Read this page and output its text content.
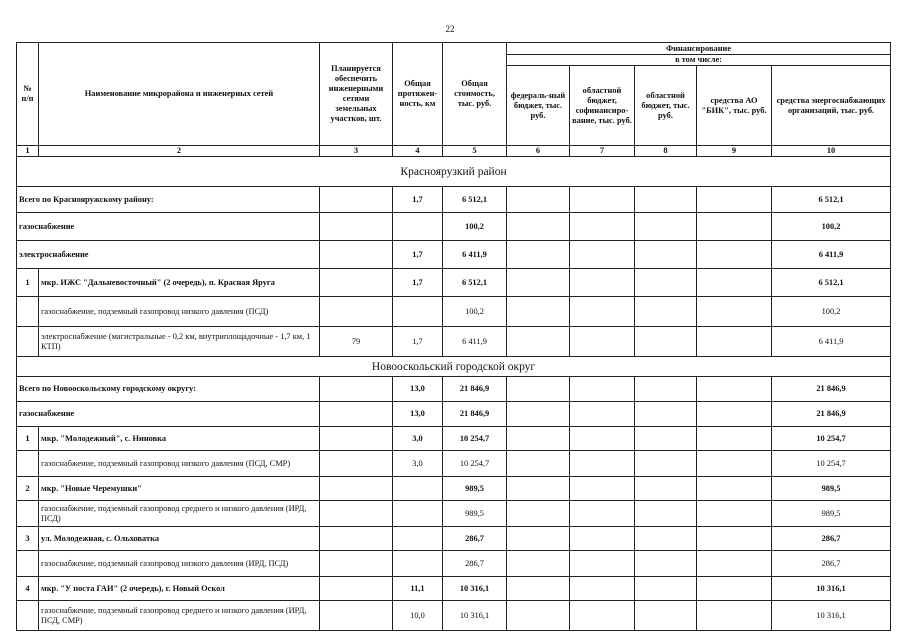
22
№ п/п	Наименование микрорайона и инженерных сетей	Планируется обеспечить инженерными сетями земельных участков, шт.	Общая протяжен-ность, км	Общая стоимость, тыс. руб.	Финансирование				
					в том числе:				
					федераль-ный бюджет, тыс. руб.	областной бюджет, софинансиро-вание, тыс. руб.	областной бюджет, тыс. руб.	средства АО "БИК", тыс. руб.	средства энергоснабжающих организаций, тыс. руб.
1	2	3	4	5	6	7	8	9	10
Красноярузкий район									
Всего по Краснояружскому району:			1,7	6 512,1					6 512,1
газоснабжение				100,2					100,2
электроснабжение			1,7	6 411,9					6 411,9
1	мкр. ИЖС "Дальневосточный" (2 очередь), п. Красная Яруга		1,7	6 512,1					6 512,1
	газоснабжение, подземный газопровод низкого давления (ПСД)			100,2					100,2
	электроснабжение (магистральные - 0,2 км, внутриплощадочные - 1,7 км, 1 КТП)	79	1,7	6 411,9					6 411,9
Новооскольский городской округ									
Всего по Новооскольскому городскому округу:			13,0	21 846,9					21 846,9
газоснабжение			13,0	21 846,9					21 846,9
1	мкр. "Молодежный", с. Ниновка		3,0	10 254,7					10 254,7
	газоснабжение, подземный газопровод низкого давления (ПСД, СМР)		3,0	10 254,7					10 254,7
2	мкр. "Новые Черемушки"			989,5					989,5
	газоснабжение, подземный газопровод среднего и низкого давления (ИРД, ПСД)			989,5					989,5
3	ул. Молодежная, с. Ольховатка			286,7					286,7
	газоснабжение, подземный газопровод низкого давления (ИРД, ПСД)			286,7					286,7
4	мкр. "У поста ГАИ" (2 очередь), г. Новый Оскол		11,1	10 316,1					10 316,1
	газоснабжение, подземный газопровод среднего и низкого давления (ИРД, ПСД, СМР)		10,0	10 316,1					10 316,1
